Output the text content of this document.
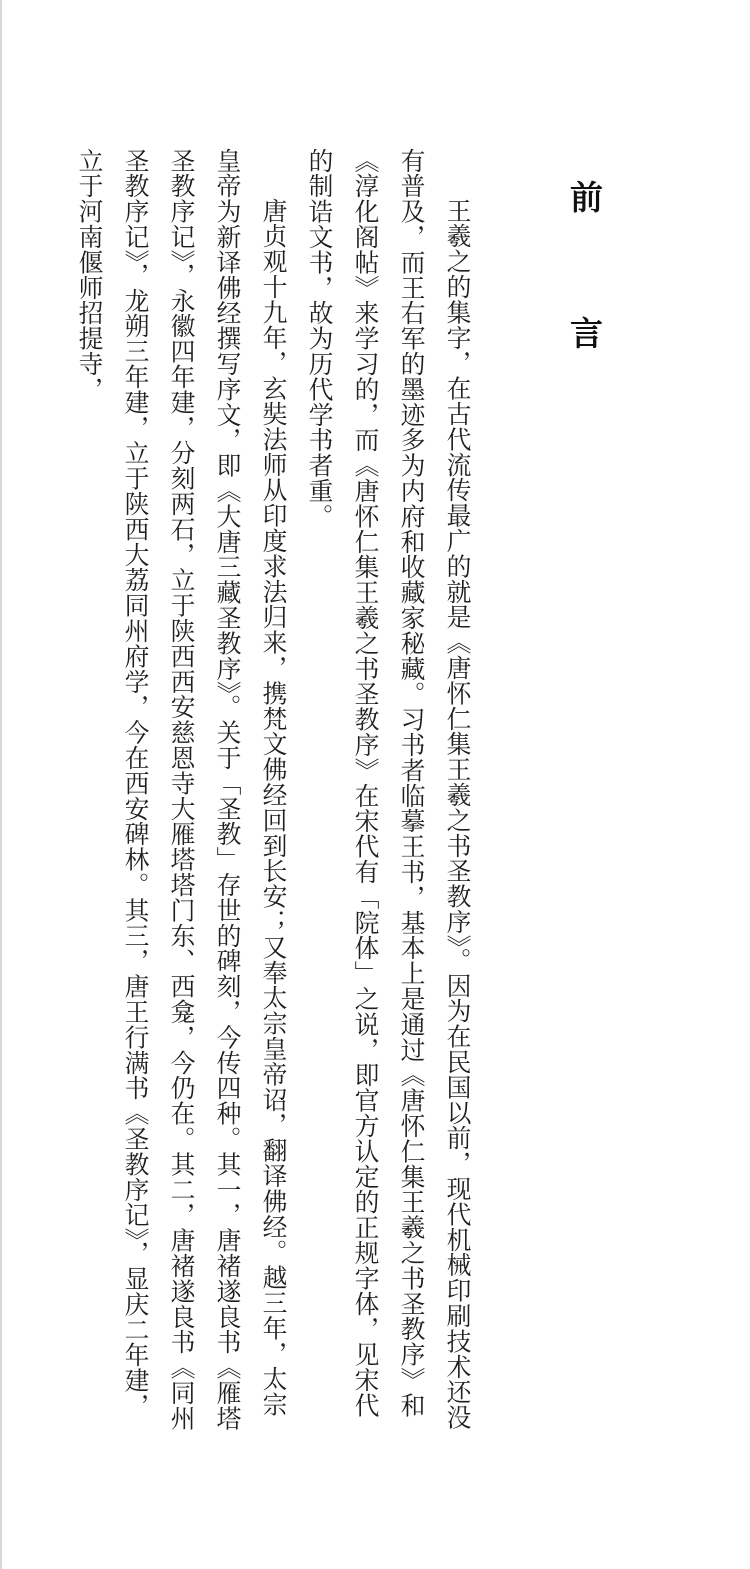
前 言

王羲之的集字，在古代流传最广的就是《唐怀仁集王羲之书圣教序》。因为在民国以前，现代机械印刷技术还没有普及，而王右军的墨迹多为内府和收藏家秘藏。习书者临摹王书，基本上是通过《唐怀仁集王羲之书圣教序》和《淳化阁帖》来学习的，而《唐怀仁集王羲之书圣教序》在宋代有「院体」之说，即官方认定的正规字体，见宋代的制诰文书，故为历代学书者重。

唐贞观十九年，玄奘法师从印度求法归来，携梵文佛经回到长安；又奉太宗皇帝诏，翻译佛经。越三年，太宗皇帝为新译佛经撰写序文，即《大唐三藏圣教序》。关于「圣教」存世的碑刻，今传四种。其一，唐褚遂良书《雁塔圣教序记》，永徽四年建，分刻两石，立于陕西西安慈恩寺大雁塔塔门东、西龛，今仍在。其二，唐褚遂良书《同州圣教序记》，龙朔三年建，立于陕西大荔同州府学，今在西安碑林。其三，唐王行满书《圣教序记》，显庆二年建，立于河南偃师招提寺，
